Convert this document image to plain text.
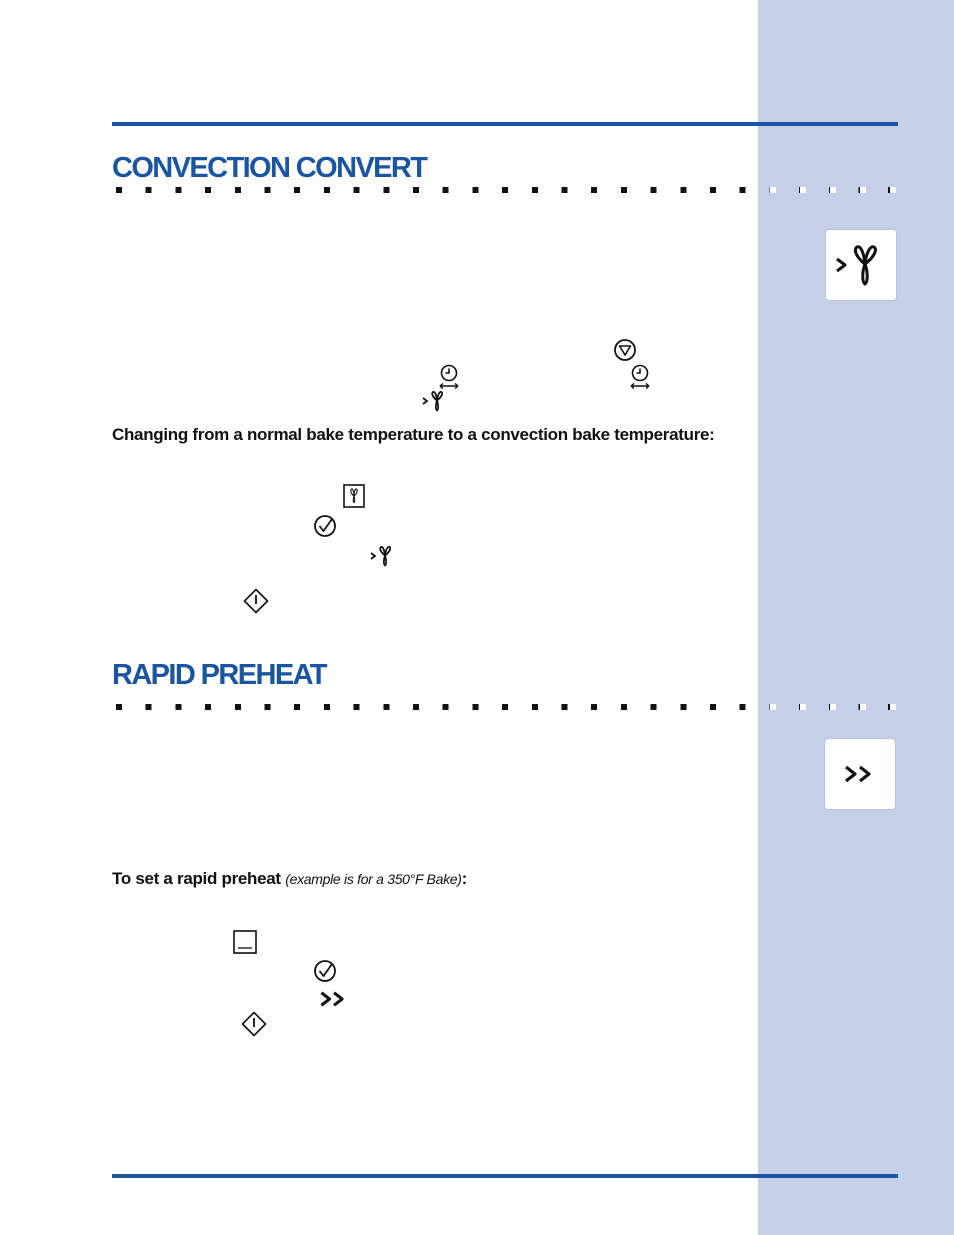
CONVECTION CONVERT

Changing from a normal bake temperature to a convection bake temperature:

RAPID PREHEAT

To set a rapid preheat (example is for a 350°F Bake):
